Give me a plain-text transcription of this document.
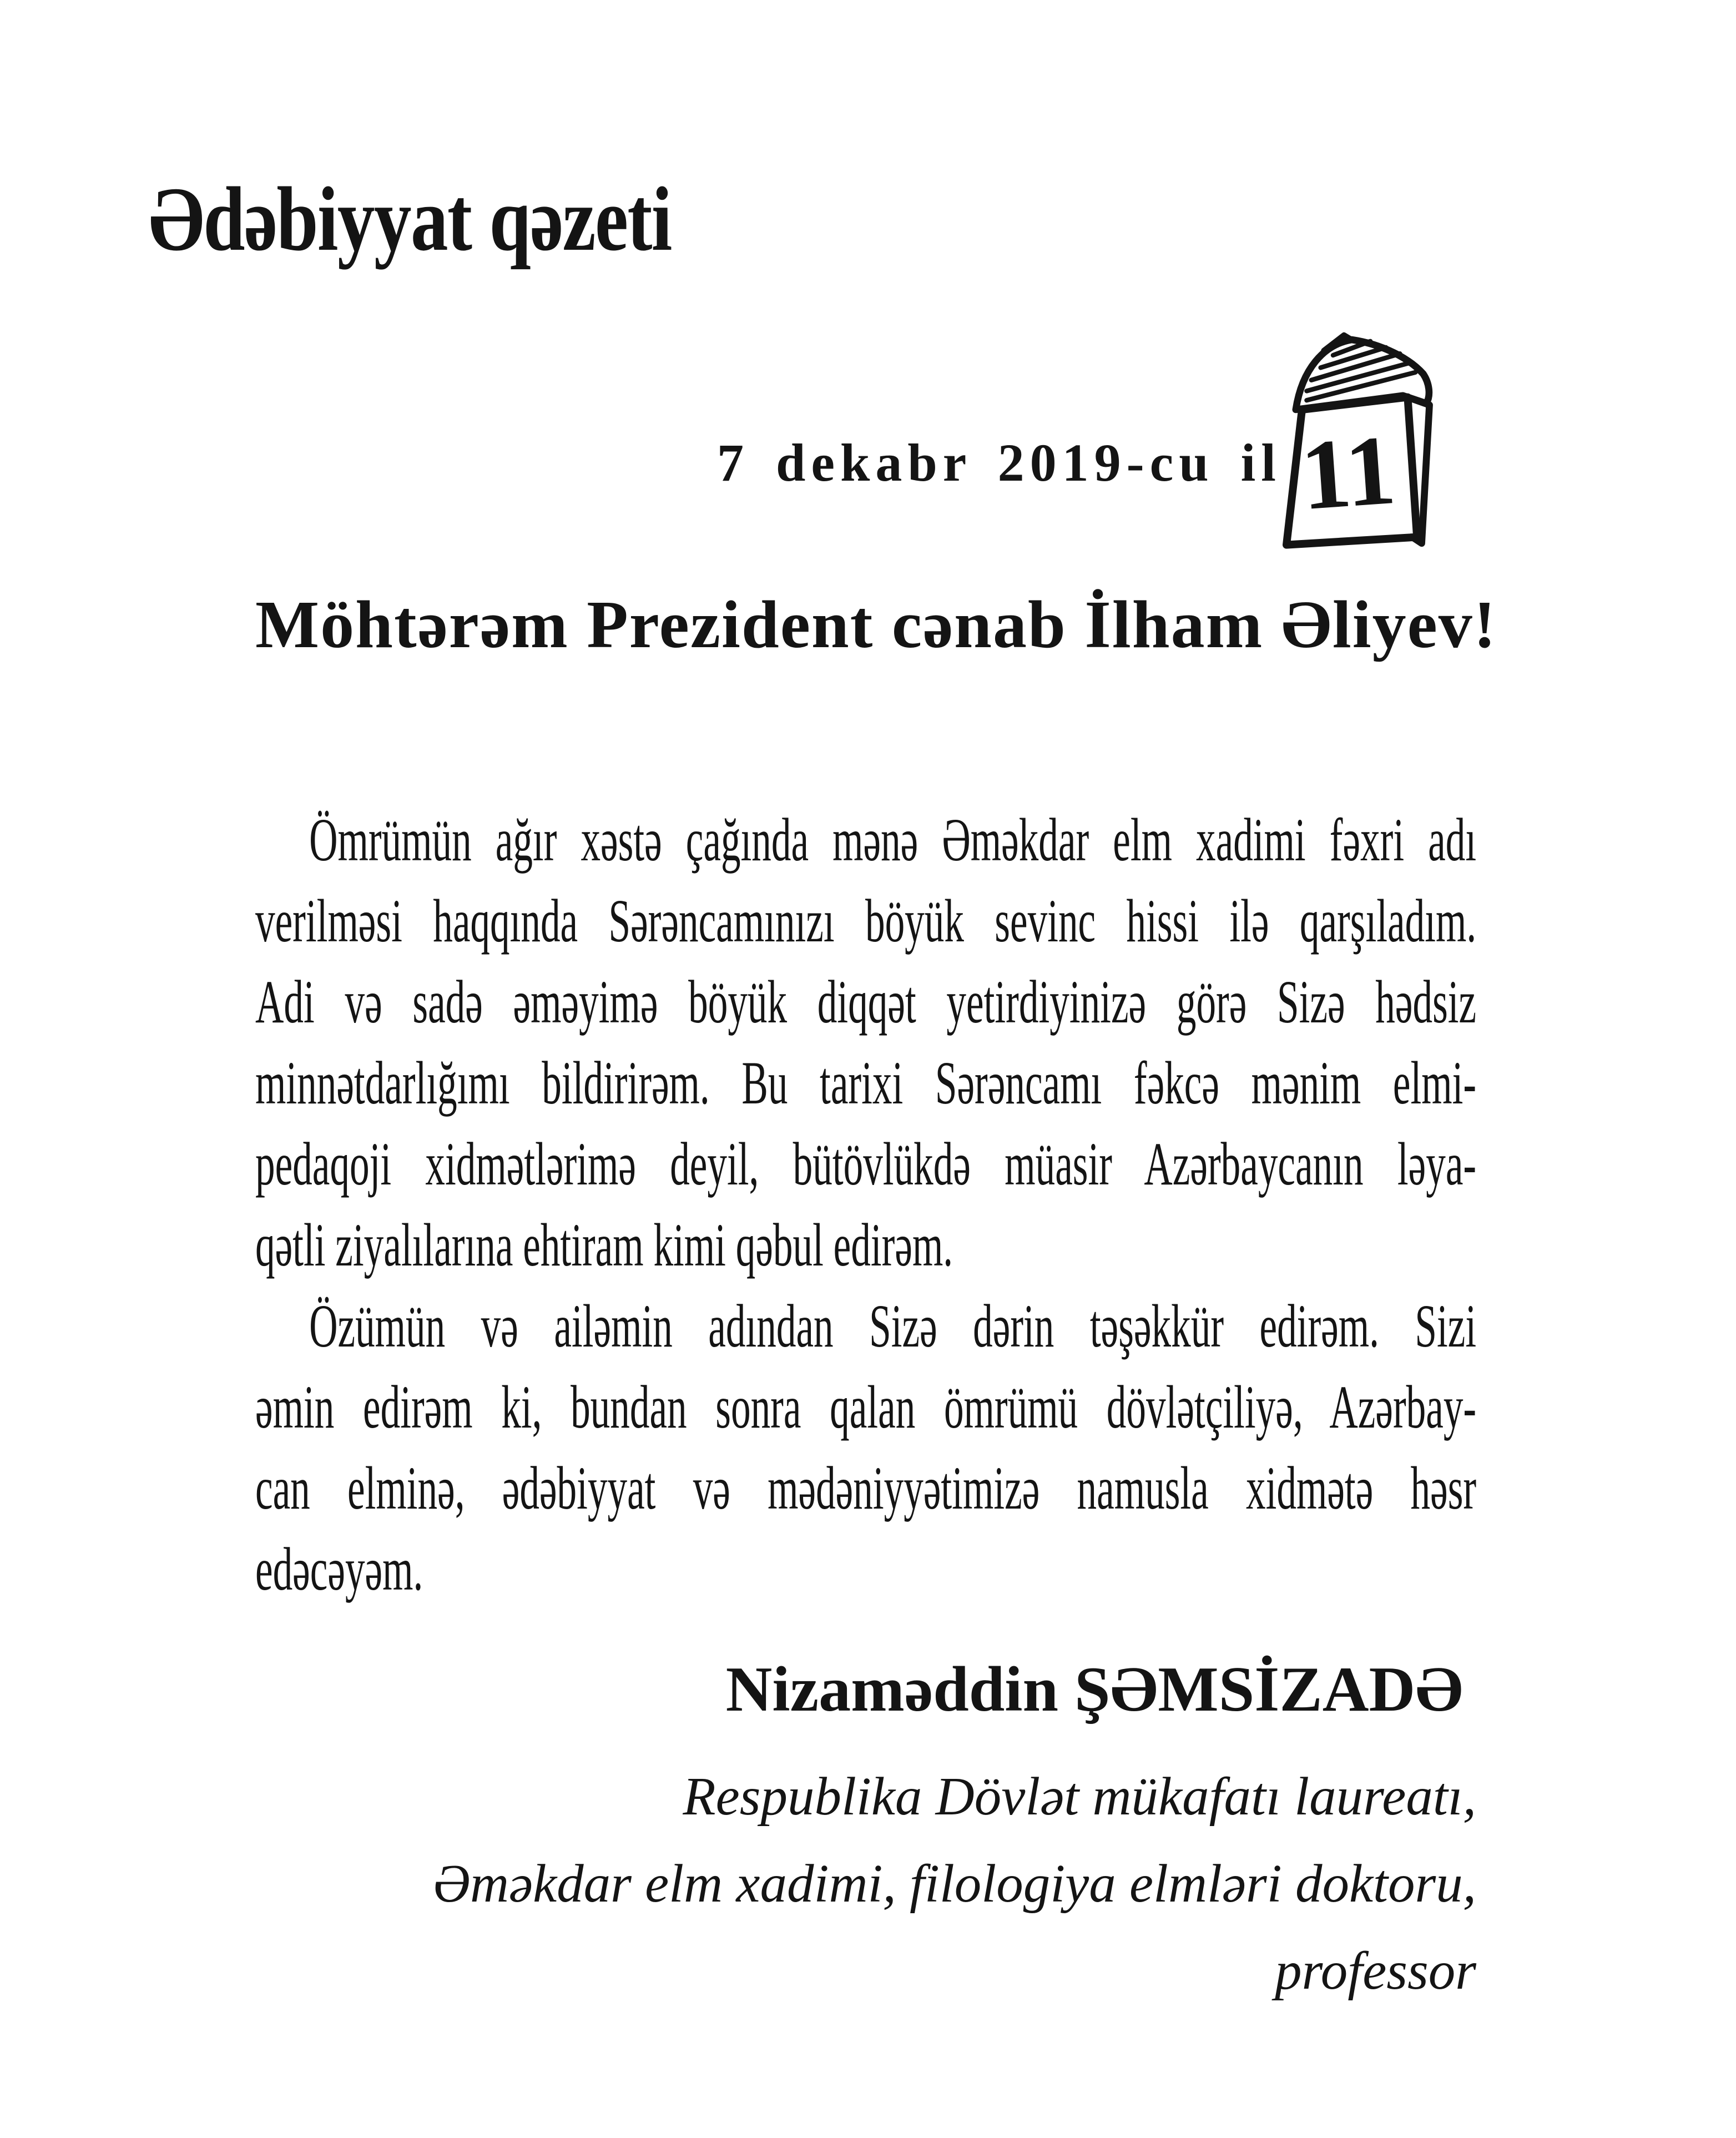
Ədəbiyyat qəzeti
7 dekabr 2019-cu il 11
Möhtərəm Prezident cənab İlham Əliyev!
Ömrümün ağır xəstə çağında mənə Əməkdar elm xadimi fəxri adı
verilməsi haqqında Sərəncamınızı böyük sevinc hissi ilə qarşıladım.
Adi və sadə əməyimə böyük diqqət yetirdiyinizə görə Sizə hədsiz
minnətdarlığımı bildirirəm. Bu tarixi Sərəncamı fəkcə mənim elmi-
pedaqoji xidmətlərimə deyil, bütövlükdə müasir Azərbaycanın ləya-
qətli ziyalılarına ehtiram kimi qəbul edirəm.
Özümün və ailəmin adından Sizə dərin təşəkkür edirəm. Sizi
əmin edirəm ki, bundan sonra qalan ömrümü dövlətçiliyə, Azərbay-
can elminə, ədəbiyyat və mədəniyyətimizə namusla xidmətə həsr
edəcəyəm.
Nizaməddin ŞƏMSİZADƏ
Respublika Dövlət mükafatı laureatı,
Əməkdar elm xadimi, filologiya elmləri doktoru,
professor
